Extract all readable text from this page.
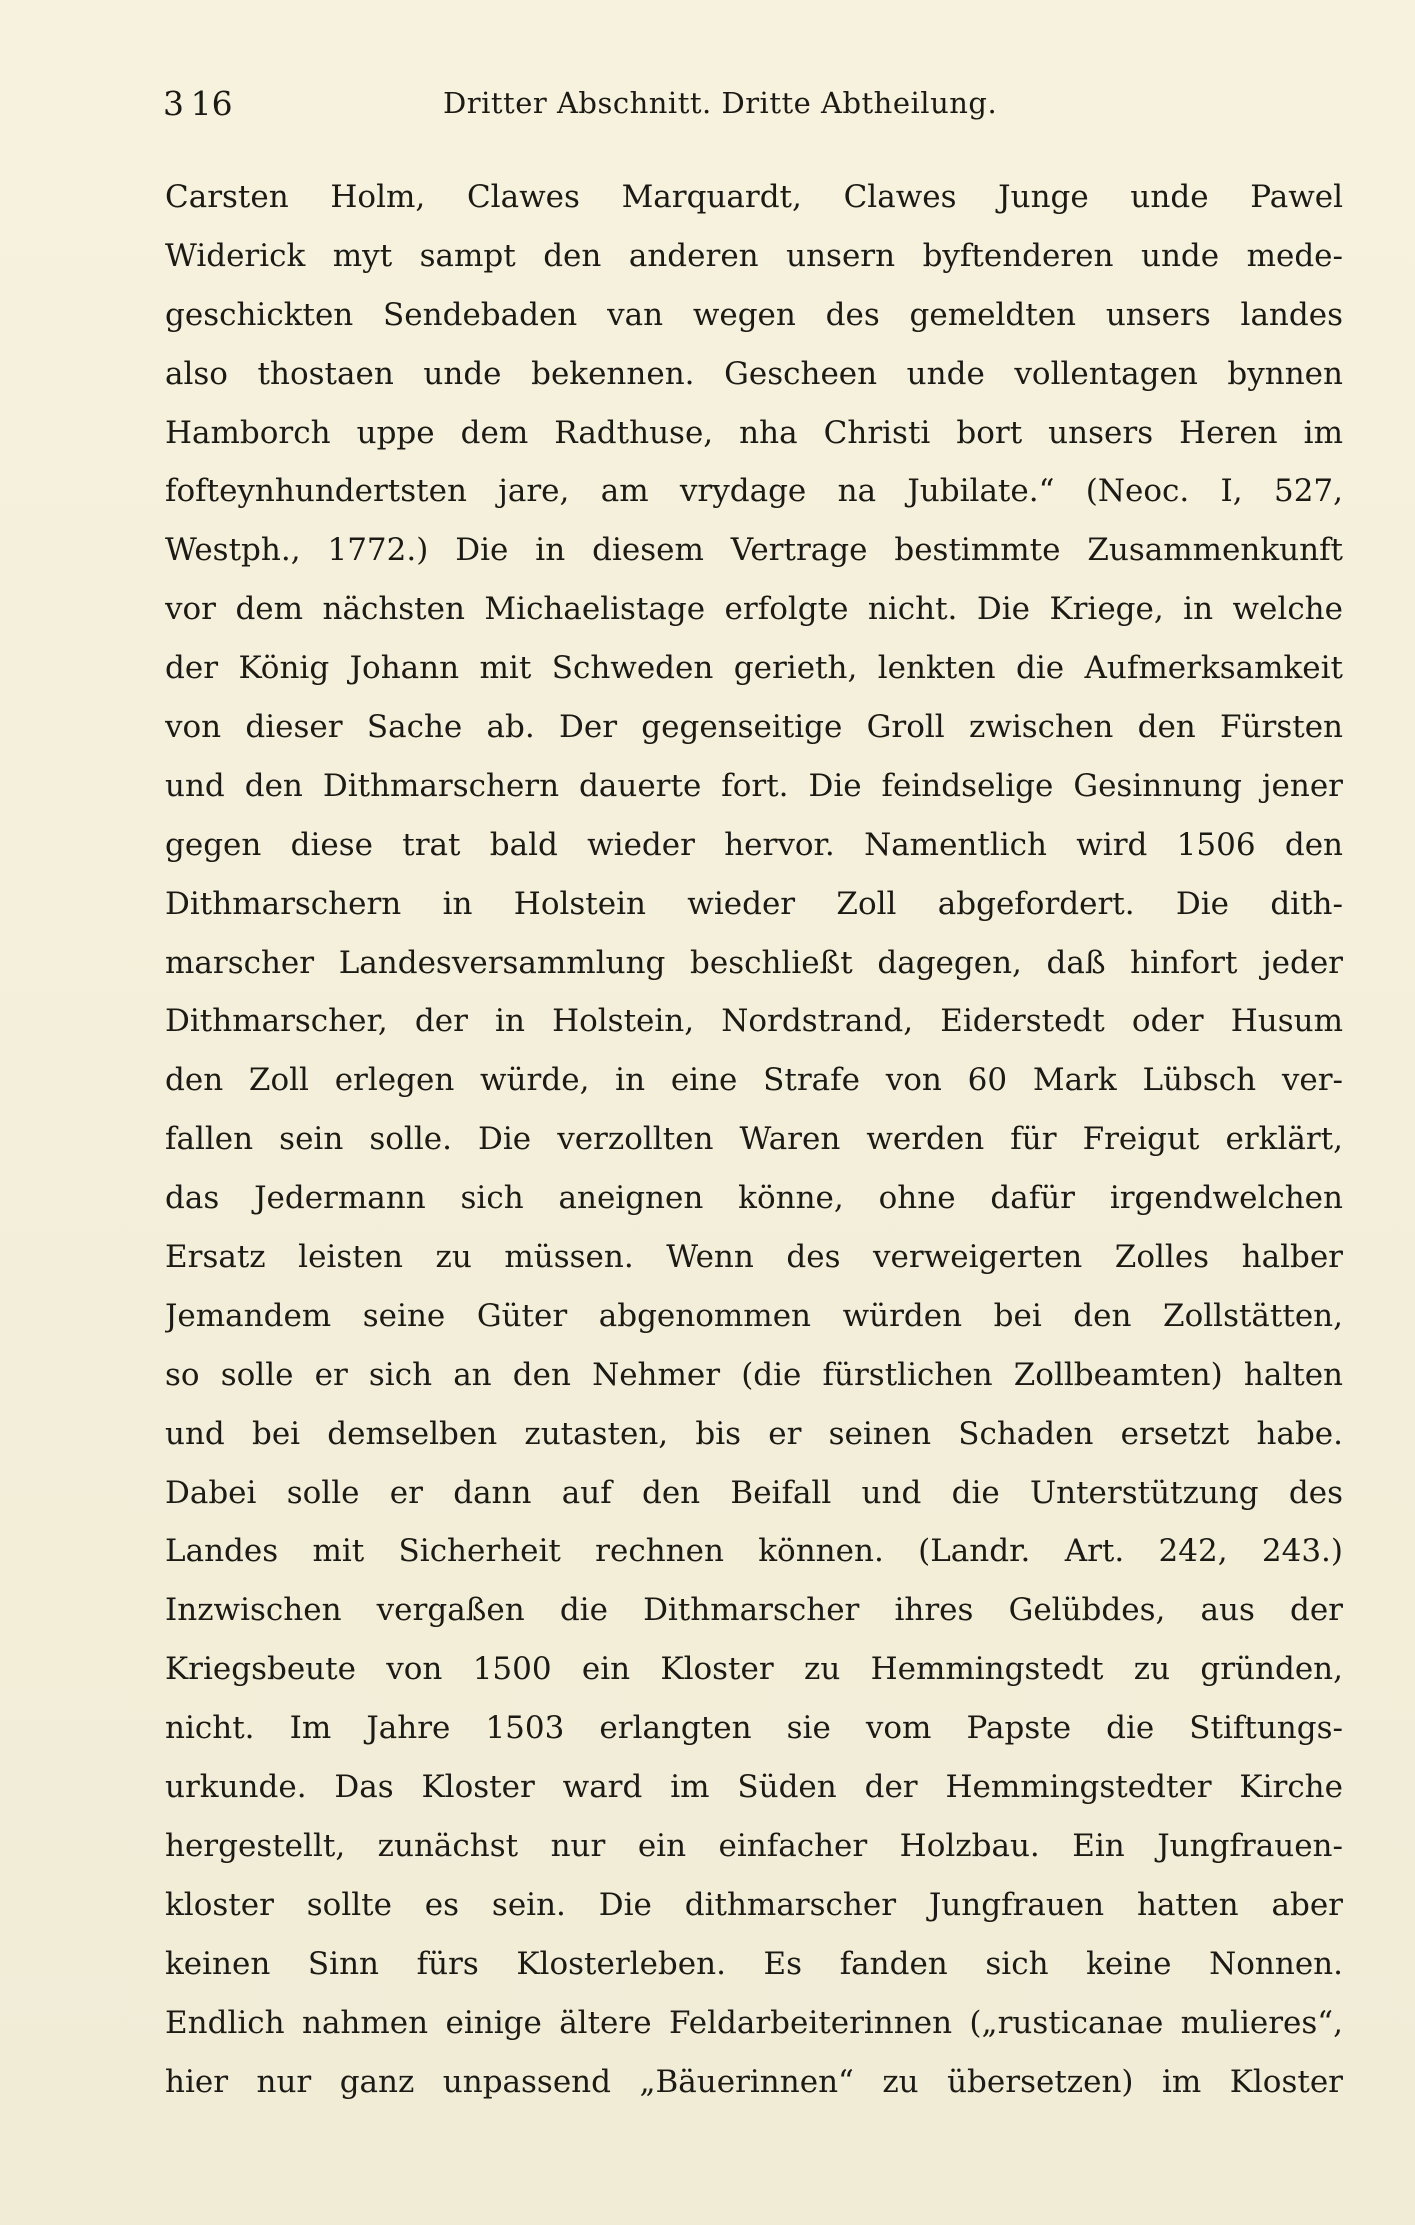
3 16	Dritter Abschnitt. Dritte Abtheilung.
Carsten Holm, Clawes Marquardt, Clawes Junge unde Pawel
Widerick myt sampt den anderen unsern byftenderen unde mede-
geschickten Sendebaden van wegen des gemeldten unsers landes
also thostaen unde bekennen. Gescheen unde vollentagen bynnen
Hamborch uppe dem Radthuse, nha Christi bort unsers Heren im
fofteynhundertsten jare, am vrydage na Jubilate.“ (Neoc. I, 527,
Westph., 1772.) Die in diesem Vertrage bestimmte Zusammenkunft
vor dem nächsten Michaelistage erfolgte nicht. Die Kriege, in welche
der König Johann mit Schweden gerieth, lenkten die Aufmerksamkeit
von dieser Sache ab. Der gegenseitige Groll zwischen den Fürsten
und den Dithmarschern dauerte fort. Die feindselige Gesinnung jener
gegen diese trat bald wieder hervor. Namentlich wird 1506 den
Dithmarschern in Holstein wieder Zoll abgefordert. Die dith-
marscher Landesversammlung beschließt dagegen, daß hinfort jeder
Dithmarscher, der in Holstein, Nordstrand, Eiderstedt oder Husum
den Zoll erlegen würde, in eine Strafe von 60 Mark Lübsch ver-
fallen sein solle. Die verzollten Waren werden für Freigut erklärt,
das Jedermann sich aneignen könne, ohne dafür irgendwelchen
Ersatz leisten zu müssen. Wenn des verweigerten Zolles halber
Jemandem seine Güter abgenommen würden bei den Zollstätten,
so solle er sich an den Nehmer (die fürstlichen Zollbeamten) halten
und bei demselben zutasten, bis er seinen Schaden ersetzt habe.
Dabei solle er dann auf den Beifall und die Unterstützung des
Landes mit Sicherheit rechnen können. (Landr. Art. 242, 243.)
Inzwischen vergaßen die Dithmarscher ihres Gelübdes, aus der
Kriegsbeute von 1500 ein Kloster zu Hemmingstedt zu gründen,
nicht. Im Jahre 1503 erlangten sie vom Papste die Stiftungs-
urkunde. Das Kloster ward im Süden der Hemmingstedter Kirche
hergestellt, zunächst nur ein einfacher Holzbau. Ein Jungfrauen-
kloster sollte es sein. Die dithmarscher Jungfrauen hatten aber
keinen Sinn fürs Klosterleben. Es fanden sich keine Nonnen.
Endlich nahmen einige ältere Feldarbeiterinnen („rusticanae mulieres“,
hier nur ganz unpassend „Bäuerinnen“ zu übersetzen) im Kloster
